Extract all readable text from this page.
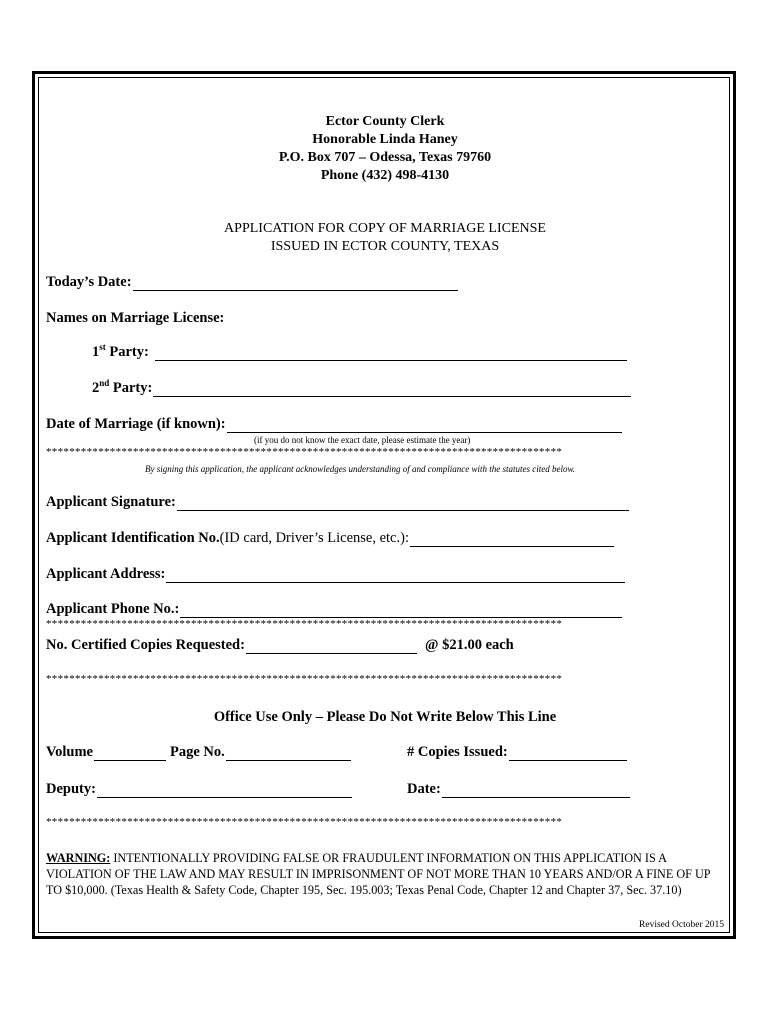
Ector County Clerk
Honorable Linda Haney
P.O. Box 707 – Odessa, Texas 79760
Phone (432) 498-4130
APPLICATION FOR COPY OF MARRIAGE LICENSE
ISSUED IN ECTOR COUNTY, TEXAS
Today’s Date:
Names on Marriage License:
1st Party:
2nd Party:
Date of Marriage (if known):
(if you do not know the exact date, please estimate the year)
*****************************************************************************************
By signing this application, the applicant acknowledges understanding of and compliance with the statutes cited below.
Applicant Signature:
Applicant Identification No. (ID card, Driver’s License, etc.):
Applicant Address:
Applicant Phone No.:
*****************************************************************************************
No. Certified Copies Requested:	@ $21.00 each
*****************************************************************************************
Office Use Only – Please Do Not Write Below This Line
Volume	Page No.	# Copies Issued:
Deputy:	Date:
*****************************************************************************************
WARNING: INTENTIONALLY PROVIDING FALSE OR FRAUDULENT INFORMATION ON THIS APPLICATION IS A VIOLATION OF THE LAW AND MAY RESULT IN IMPRISONMENT OF NOT MORE THAN 10 YEARS AND/OR A FINE OF UP TO $10,000. (Texas Health & Safety Code, Chapter 195, Sec. 195.003; Texas Penal Code, Chapter 12 and Chapter 37, Sec. 37.10)
Revised October 2015
